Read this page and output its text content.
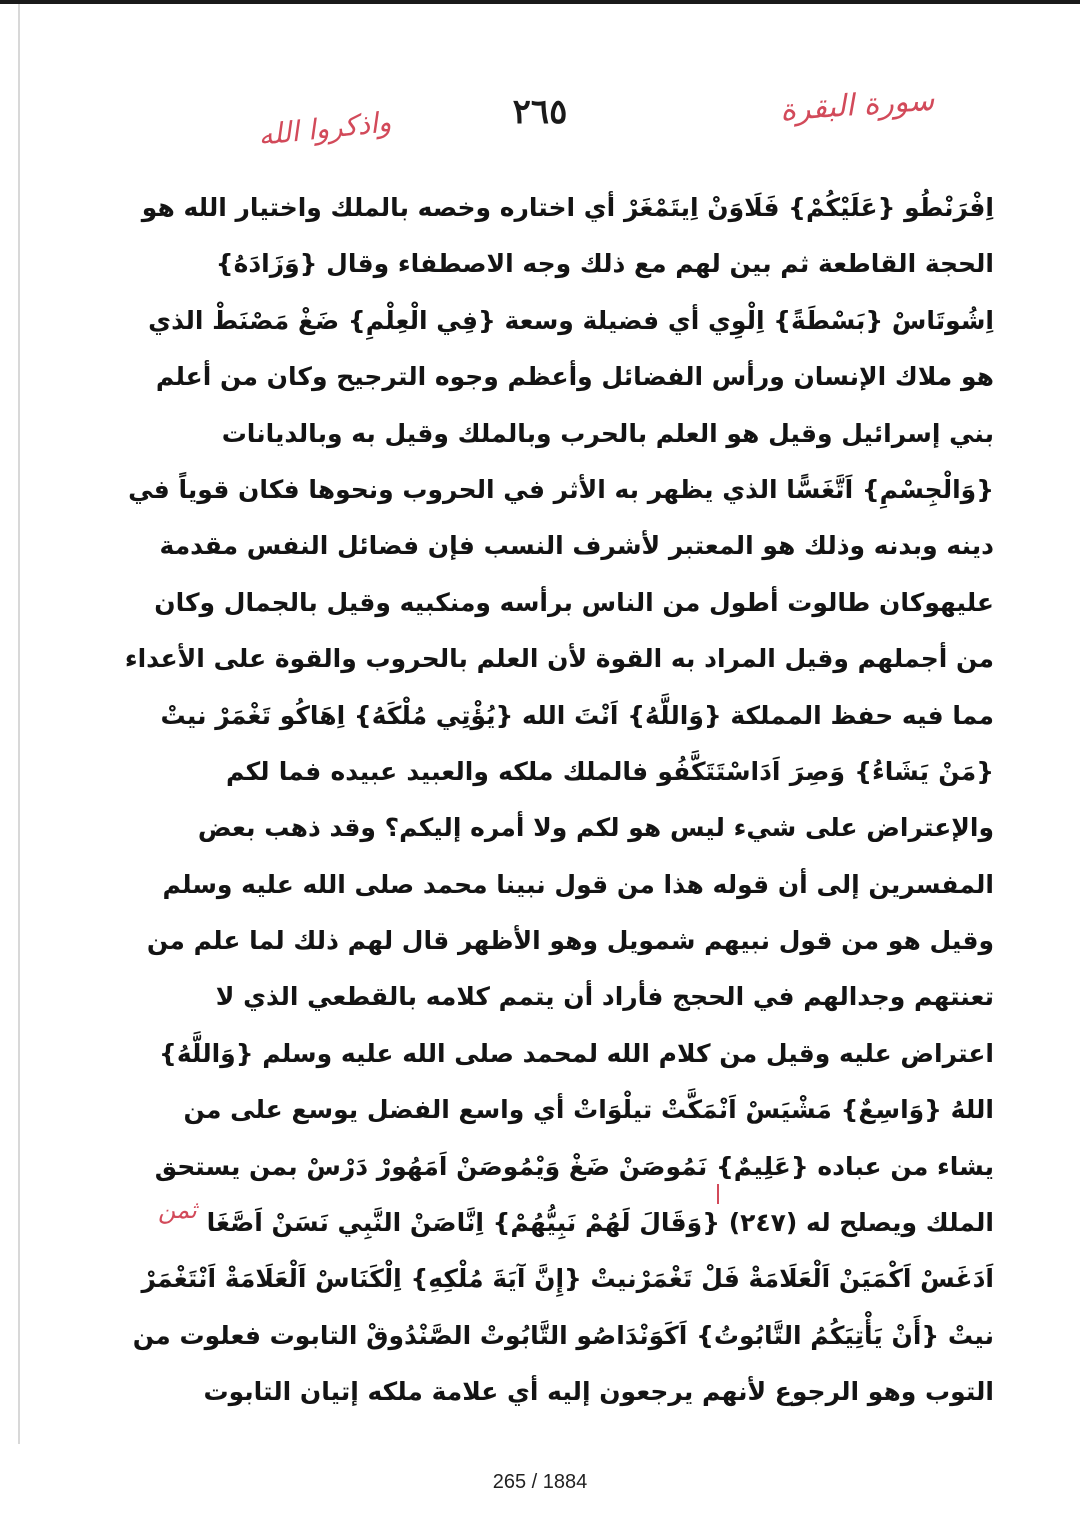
سورة البقرة
٢٦٥
واذكروا الله
اِفْرَنْطُو {عَلَيْكُمْ} فَلَاوَنْ اِيتَمْغَرْ أي اختاره وخصه بالملك واختيار الله هو
الحجة القاطعة ثم بين لهم مع ذلك وجه الاصطفاء وقال {وَزَادَهُ}
اِشُوتَاسْ {بَسْطَةً} اِلْوِي أي فضيلة وسعة {فِي الْعِلْمِ} ضَغْ مَصْنَطْ الذي
هو ملاك الإنسان ورأس الفضائل وأعظم وجوه الترجيح وكان من أعلم
بني إسرائيل وقيل هو العلم بالحرب وبالملك وقيل به وبالديانات
{وَالْجِسْمِ} اَتَّغَسًّا الذي يظهر به الأثر في الحروب ونحوها فكان قوياً في
دينه وبدنه وذلك هو المعتبر لأشرف النسب فإن فضائل النفس مقدمة
عليهوكان طالوت أطول من الناس برأسه ومنكبيه وقيل بالجمال وكان
من أجملهم وقيل المراد به القوة لأن العلم بالحروب والقوة على الأعداء
مما فيه حفظ المملكة {وَاللَّهُ} اَنْتَ الله {يُؤْتِي مُلْكَهُ} اِهَاكُو تَغْمَرْ نيتْ
{مَنْ يَشَاءُ} وَصِرَ اَدَاسْتَتَكَّفُو فالملك ملكه والعبيد عبيده فما لكم
والإعتراض على شيء ليس هو لكم ولا أمره إليكم؟ وقد ذهب بعض
المفسرين إلى أن قوله هذا من قول نبينا محمد صلى الله عليه وسلم
وقيل هو من قول نبيهم شمويل وهو الأظهر قال لهم ذلك لما علم من
تعنتهم وجدالهم في الحجج فأراد أن يتمم كلامه بالقطعي الذي لا
اعتراض عليه وقيل من كلام الله لمحمد صلى الله عليه وسلم {وَاللَّهُ}
اللهُ {وَاسِعٌ} مَشْيَسْ اَنْمَكَّتْ تيلْوَاتْ أي واسع الفضل يوسع على من
يشاء من عباده {عَلِيمٌ} نَمُوصَنْ ضَغْ وَيْمُوصَنْ اَمَهُورْ دَرْسْ بمن يستحق
الملك ويصلح له (٢٤٧) {وَقَالَ لَهُمْ نَبِيُّهُمْ} اِنَّاصَنْ النَّبِي نَسَنْ اَصَّغَا
اَدَغَسْ اَكْمَيَنْ اَلْعَلَامَةْ فَلْ تَغْمَرْنيتْ {إِنَّ آيَةَ مُلْكِهِ} اِلْكَنَاسْ اَلْعَلَامَةْ اَنْتَغْمَرْ
نيتْ {أَنْ يَأْتِيَكُمُ التَّابُوتُ} اَكَوَنْدَاصُو التَّابُوتْ الصَّنْدُوقْ التابوت فعلوت من
التوب وهو الرجوع لأنهم يرجعون إليه أي علامة ملكه إتيان التابوت
ثمن
265 / 1884
